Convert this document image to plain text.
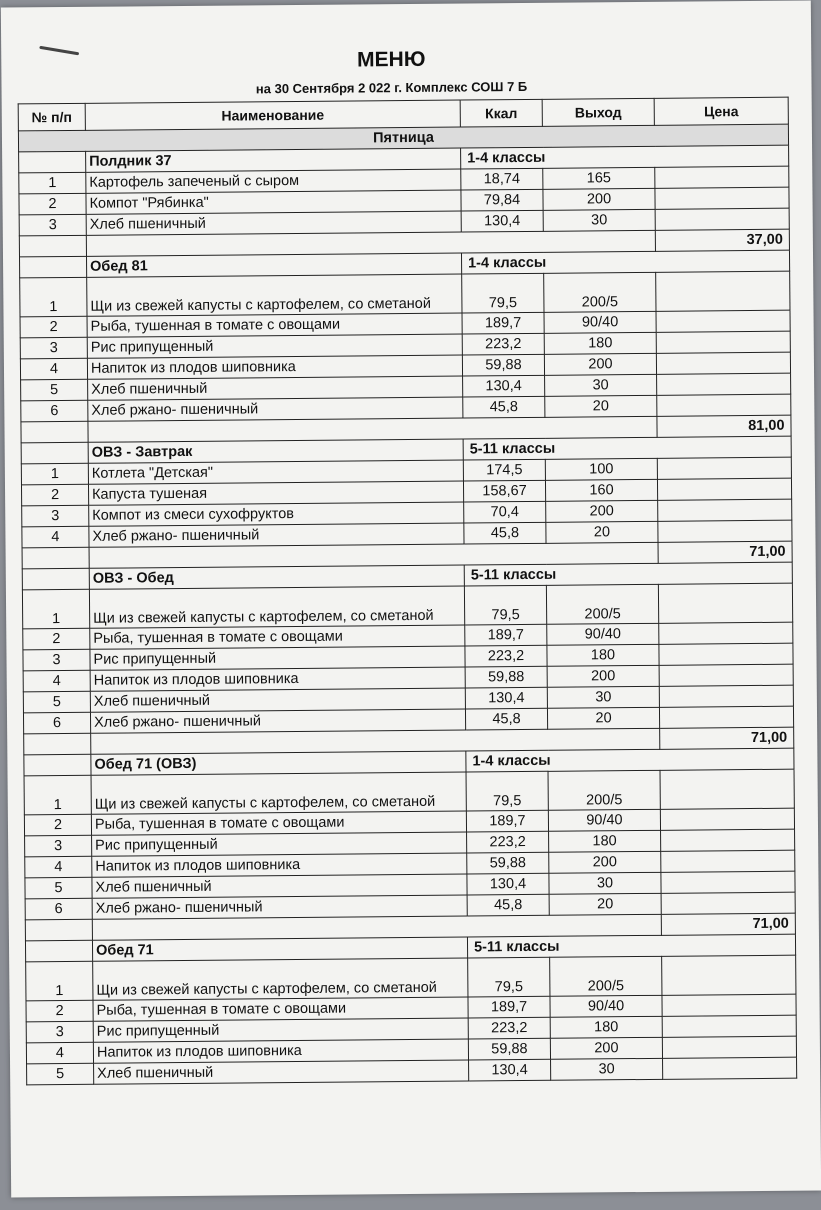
МЕНЮ
на 30 Сентября 2 022 г. Комплекс СОШ 7 Б
№ п/п	Наименование	Ккал	Выход	Цена
Пятница				
	Полдник 37	1-4 классы		
1	Картофель запеченый с сыром	18,74	165	
2	Компот "Рябинка"	79,84	200	
3	Хлеб пшеничный	130,4	30	
				37,00
	Обед 81	1-4 классы		
1	Щи из свежей капусты с картофелем, со сметаной	79,5	200/5	
2	Рыба, тушенная в томате с овощами	189,7	90/40	
3	Рис припущенный	223,2	180	
4	Напиток из плодов шиповника	59,88	200	
5	Хлеб пшеничный	130,4	30	
6	Хлеб ржано- пшеничный	45,8	20	
				81,00
	ОВЗ - Завтрак	5-11 классы		
1	Котлета "Детская"	174,5	100	
2	Капуста тушеная	158,67	160	
3	Компот из смеси сухофруктов	70,4	200	
4	Хлеб ржано- пшеничный	45,8	20	
				71,00
	ОВЗ - Обед	5-11 классы		
1	Щи из свежей капусты с картофелем, со сметаной	79,5	200/5	
2	Рыба, тушенная в томате с овощами	189,7	90/40	
3	Рис припущенный	223,2	180	
4	Напиток из плодов шиповника	59,88	200	
5	Хлеб пшеничный	130,4	30	
6	Хлеб ржано- пшеничный	45,8	20	
				71,00
	Обед 71 (ОВЗ)	1-4 классы		
1	Щи из свежей капусты с картофелем, со сметаной	79,5	200/5	
2	Рыба, тушенная в томате с овощами	189,7	90/40	
3	Рис припущенный	223,2	180	
4	Напиток из плодов шиповника	59,88	200	
5	Хлеб пшеничный	130,4	30	
6	Хлеб ржано- пшеничный	45,8	20	
				71,00
	Обед 71	5-11 классы		
1	Щи из свежей капусты с картофелем, со сметаной	79,5	200/5	
2	Рыба, тушенная в томате с овощами	189,7	90/40	
3	Рис припущенный	223,2	180	
4	Напиток из плодов шиповника	59,88	200	
5	Хлеб пшеничный	130,4	30	
